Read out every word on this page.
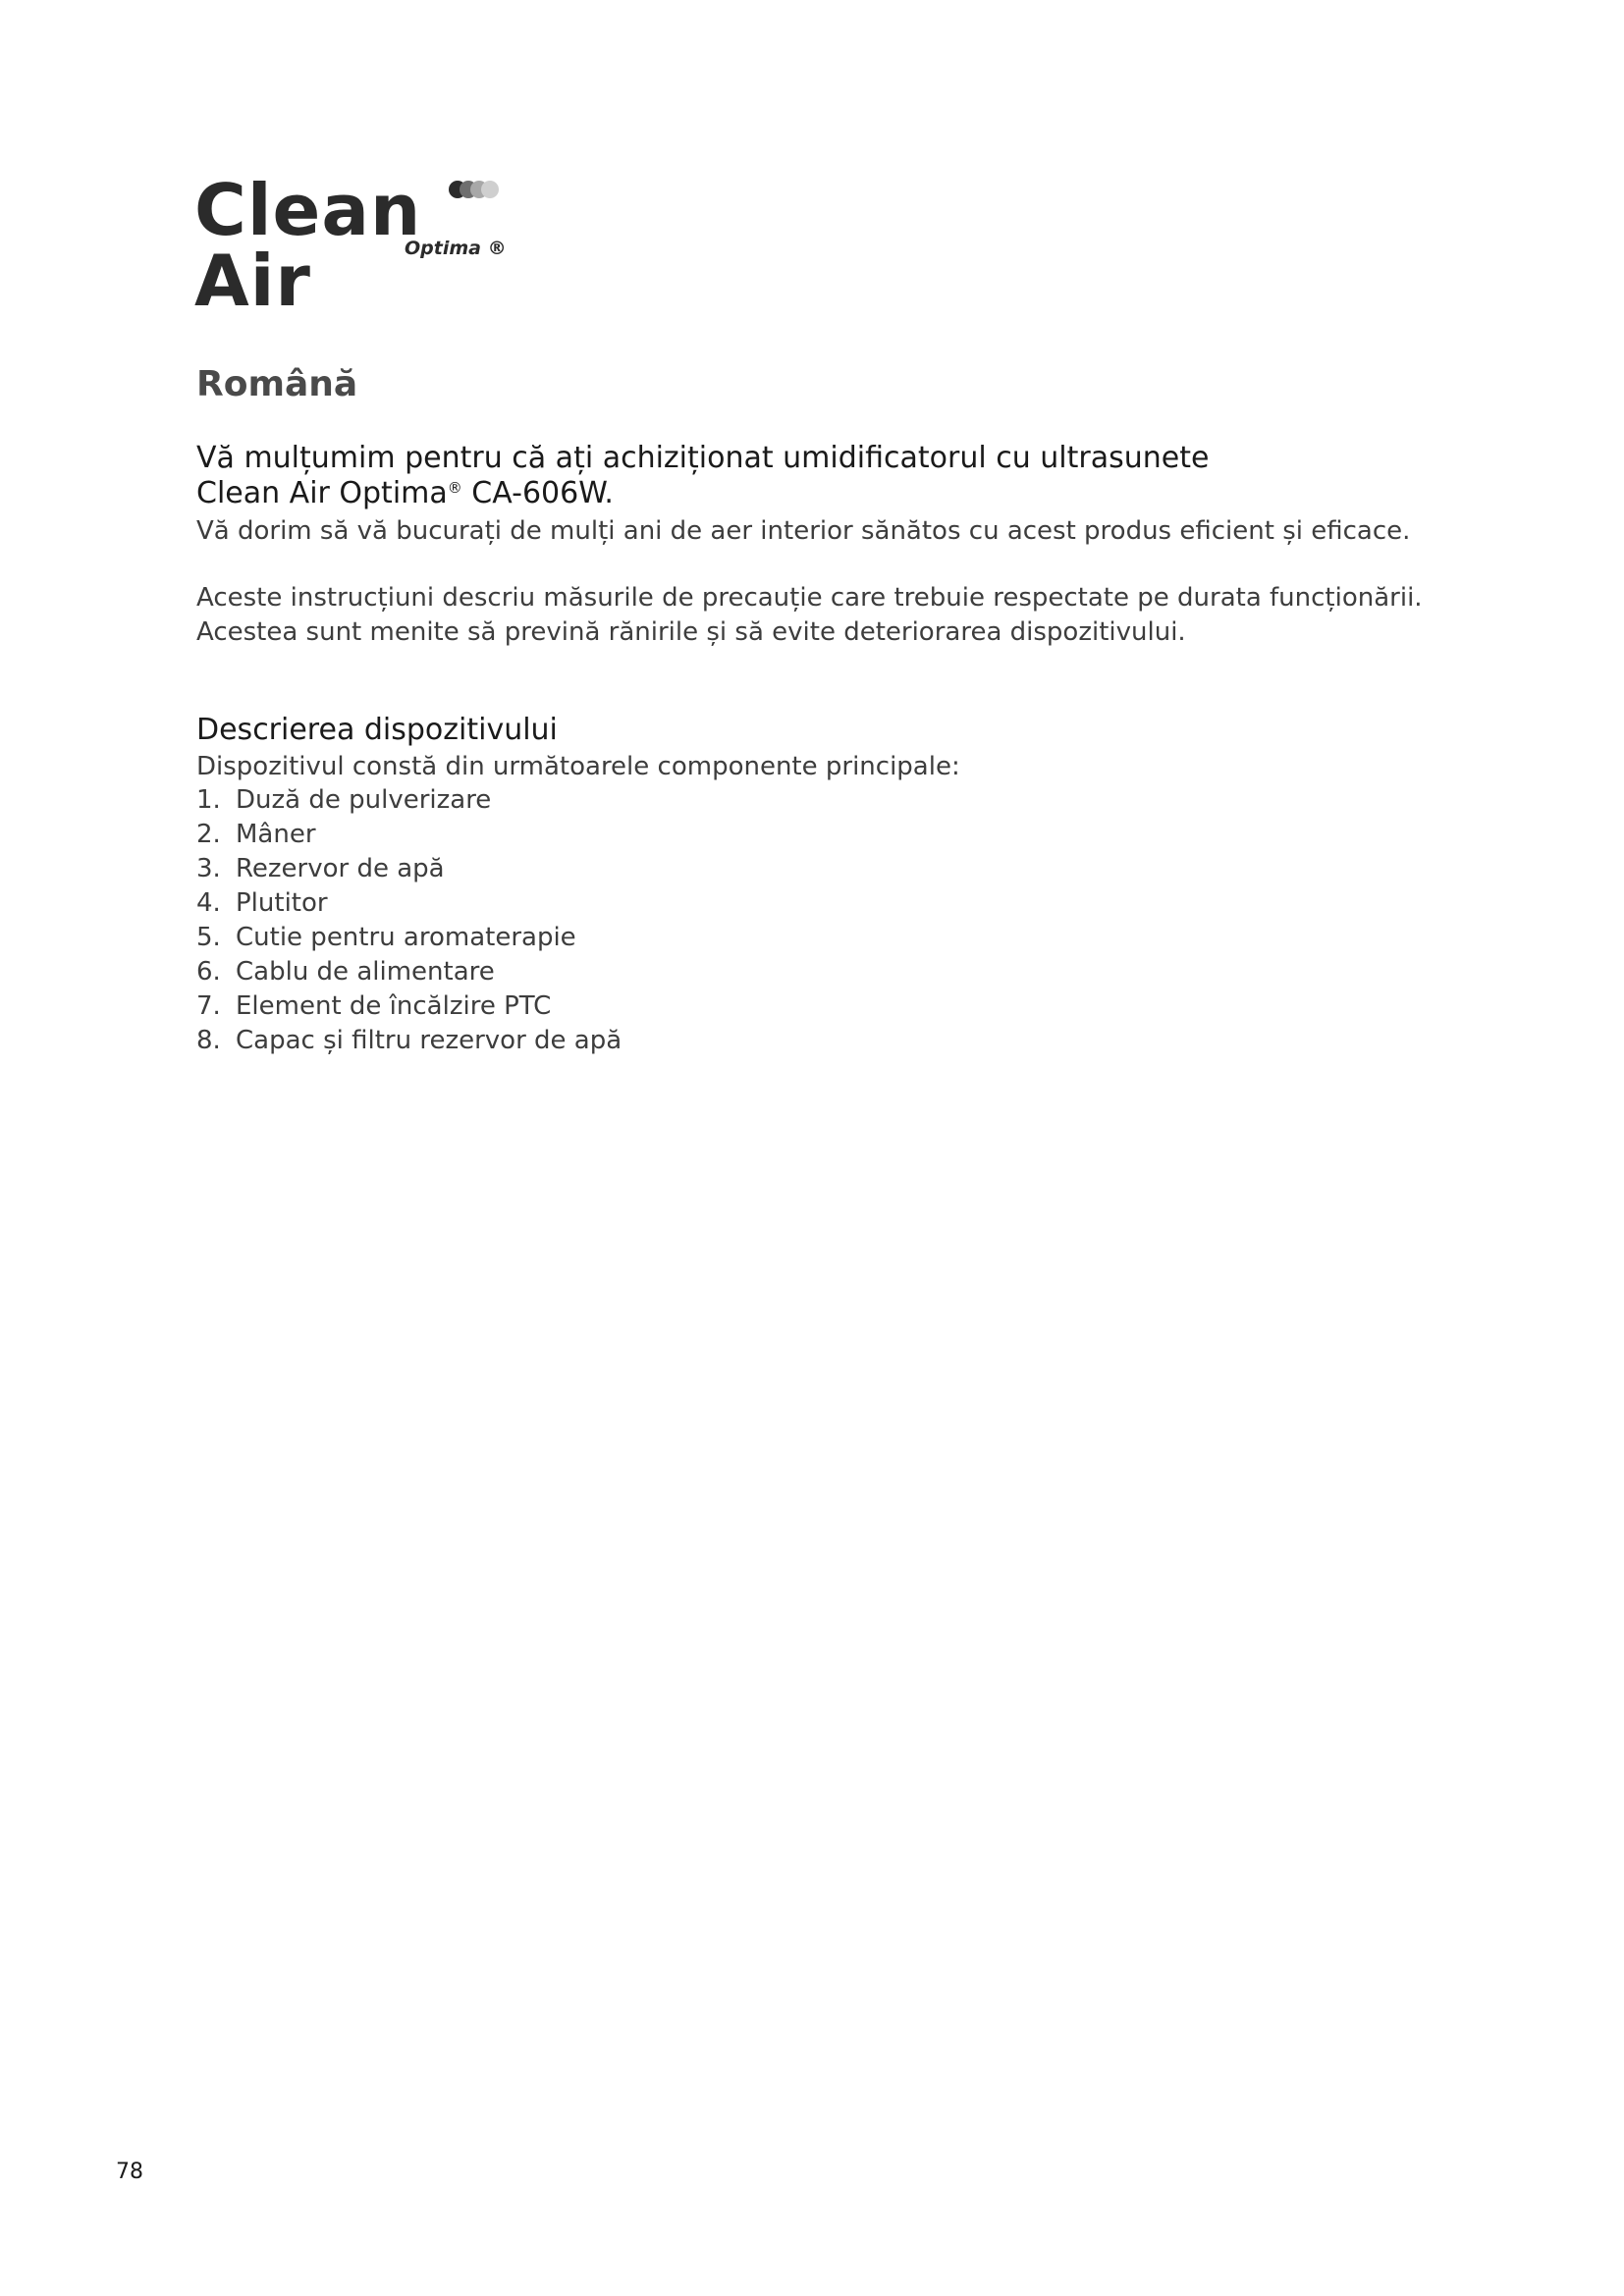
Clean Air	Optima ®
Română
Vă mulțumim pentru că ați achiziționat umidificatorul cu ultrasunete
Clean Air Optima® CA-606W.

Vă dorim să vă bucurați de mulți ani de aer interior sănătos cu acest produs eficient și eficace.

Aceste instrucțiuni descriu măsurile de precauție care trebuie respectate pe durata funcționării.
Acestea sunt menite să prevină rănirile și să evite deteriorarea dispozitivului.
Descrierea dispozitivului

Dispozitivul constă din următoarele componente principale:

1. Duză de pulverizare
2. Mâner
3. Rezervor de apă
4. Plutitor
5. Cutie pentru aromaterapie
6. Cablu de alimentare
7. Element de încălzire PTC
8. Capac și filtru rezervor de apă
78
